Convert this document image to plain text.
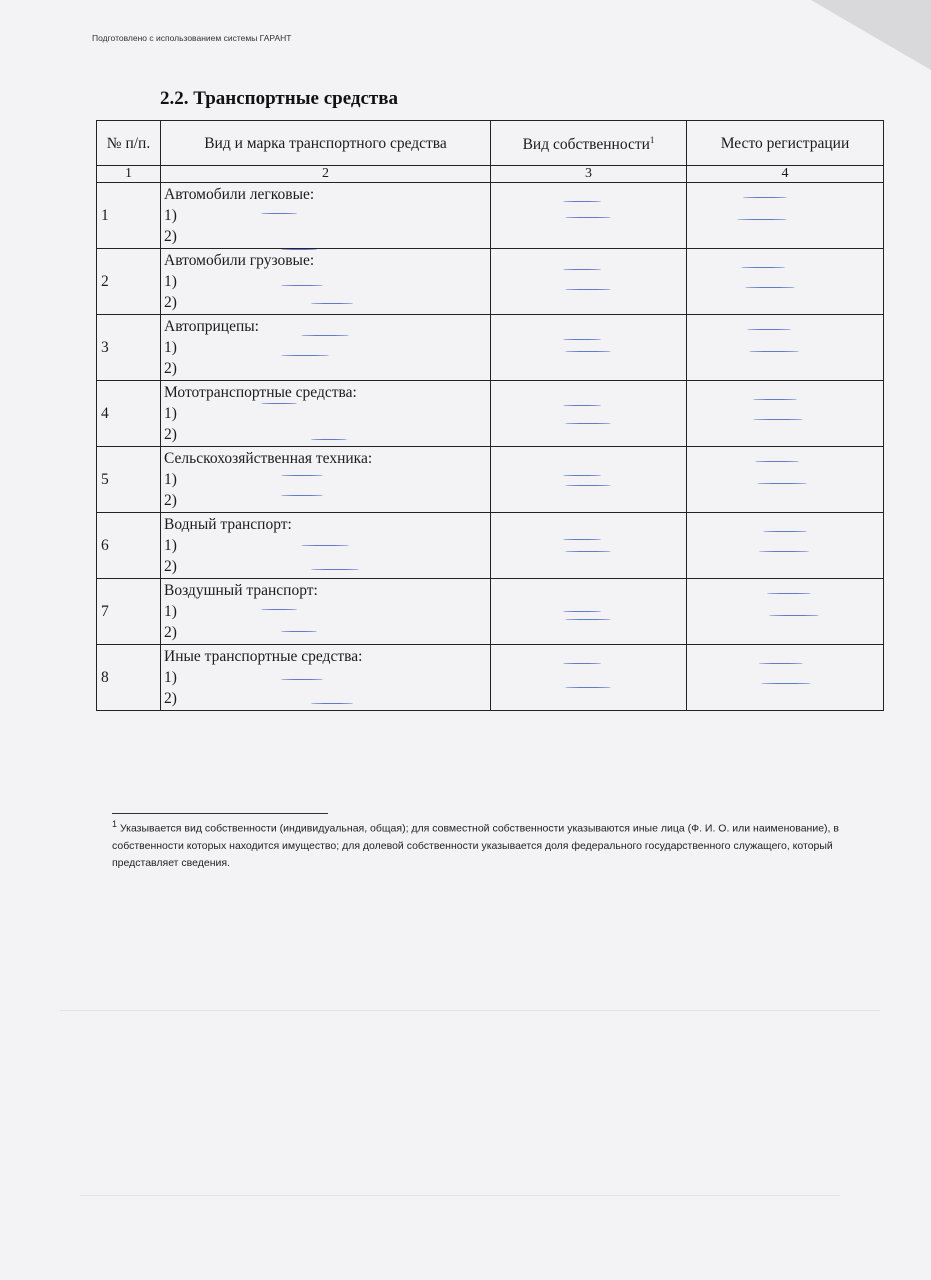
Подготовлено с использованием системы ГАРАНТ
2.2. Транспортные средства
№ п/п.	Вид и марка транспортного средства	Вид собственности$^1$	Место регистрации
1	2	3	4
1	Автомобили легковые:
1)
2)		

2	Автомобили грузовые:
1)
2)		

3	Автоприцепы:
1)
2)		

4	Мототранспортные средства:
1)
2)		

5	Сельскохозяйственная техника:
1)
2)		

6	Водный транспорт:
1)
2)		

7	Воздушный транспорт:
1)
2)		

8	Иные транспортные средства:
1)
2)		

1 Указывается вид собственности (индивидуальная, общая); для совместной собственности указываются иные лица (Ф. И. О. или наименование), в собственности которых находится имущество; для долевой собственности указывается доля федерального государственного служащего, который представляет сведения.
